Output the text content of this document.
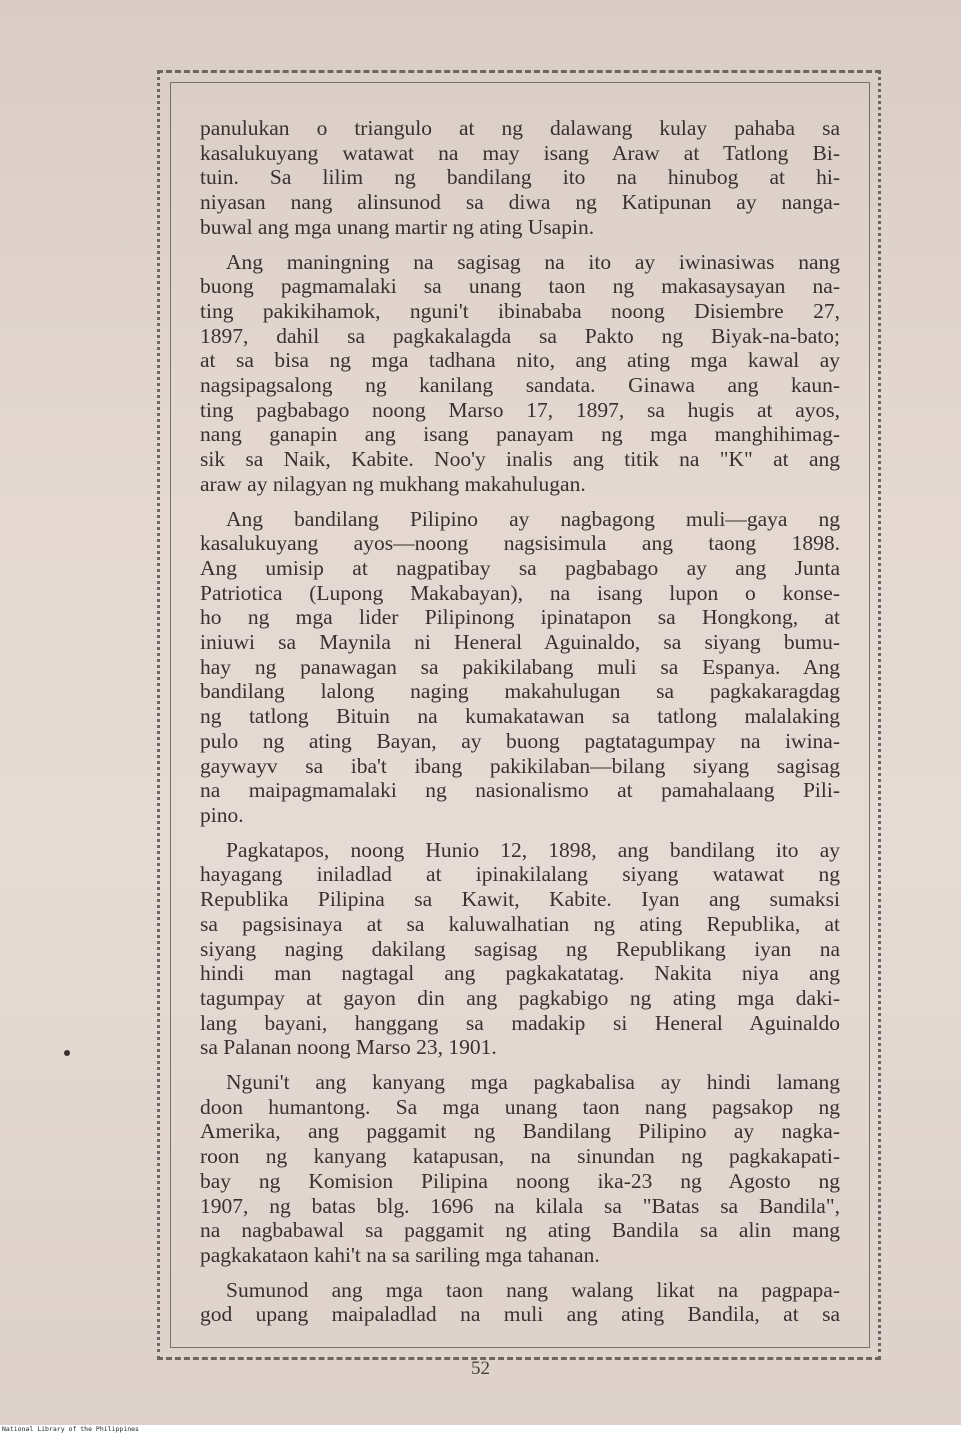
panulukan o triangulo at ng dalawang kulay pahaba sa
kasalukuyang watawat na may isang Araw at Tatlong Bi-
tuin. Sa lilim ng bandilang ito na hinubog at hi-
niyasan nang alinsunod sa diwa ng Katipunan ay nanga-
buwal ang mga unang martir ng ating Usapin.
Ang maningning na sagisag na ito ay iwinasiwas nang
buong pagmamalaki sa unang taon ng makasaysayan na-
ting pakikihamok, nguni't ibinababa noong Disiembre 27,
1897, dahil sa pagkakalagda sa Pakto ng Biyak-na-bato;
at sa bisa ng mga tadhana nito, ang ating mga kawal ay
nagsipagsalong ng kanilang sandata. Ginawa ang kaun-
ting pagbabago noong Marso 17, 1897, sa hugis at ayos,
nang ganapin ang isang panayam ng mga manghihimag-
sik sa Naik, Kabite. Noo'y inalis ang titik na "K" at ang
araw ay nilagyan ng mukhang makahulugan.
Ang bandilang Pilipino ay nagbagong muli—gaya ng
kasalukuyang ayos—noong nagsisimula ang taong 1898.
Ang umisip at nagpatibay sa pagbabago ay ang Junta
Patriotica (Lupong Makabayan), na isang lupon o konse-
ho ng mga lider Pilipinong ipinatapon sa Hongkong, at
iniuwi sa Maynila ni Heneral Aguinaldo, sa siyang bumu-
hay ng panawagan sa pakikilabang muli sa Espanya. Ang
bandilang lalong naging makahulugan sa pagkakaragdag
ng tatlong Bituin na kumakatawan sa tatlong malalaking
pulo ng ating Bayan, ay buong pagtatagumpay na iwina-
gaywayv sa iba't ibang pakikilaban—bilang siyang sagisag
na maipagmamalaki ng nasionalismo at pamahalaang Pili-
pino.
Pagkatapos, noong Hunio 12, 1898, ang bandilang ito ay
hayagang iniladlad at ipinakilalang siyang watawat ng
Republika Pilipina sa Kawit, Kabite. Iyan ang sumaksi
sa pagsisinaya at sa kaluwalhatian ng ating Republika, at
siyang naging dakilang sagisag ng Republikang iyan na
hindi man nagtagal ang pagkakatatag. Nakita niya ang
tagumpay at gayon din ang pagkabigo ng ating mga daki-
lang bayani, hanggang sa madakip si Heneral Aguinaldo
sa Palanan noong Marso 23, 1901.
Nguni't ang kanyang mga pagkabalisa ay hindi lamang
doon humantong. Sa mga unang taon nang pagsakop ng
Amerika, ang paggamit ng Bandilang Pilipino ay nagka-
roon ng kanyang katapusan, na sinundan ng pagkakapati-
bay ng Komision Pilipina noong ika-23 ng Agosto ng
1907, ng batas blg. 1696 na kilala sa "Batas sa Bandila",
na nagbabawal sa paggamit ng ating Bandila sa alin mang
pagkakataon kahi't na sa sariling mga tahanan.
Sumunod ang mga taon nang walang likat na pagpapa-
god upang maipaladlad na muli ang ating Bandila, at sa
52
National Library of the Philippines
